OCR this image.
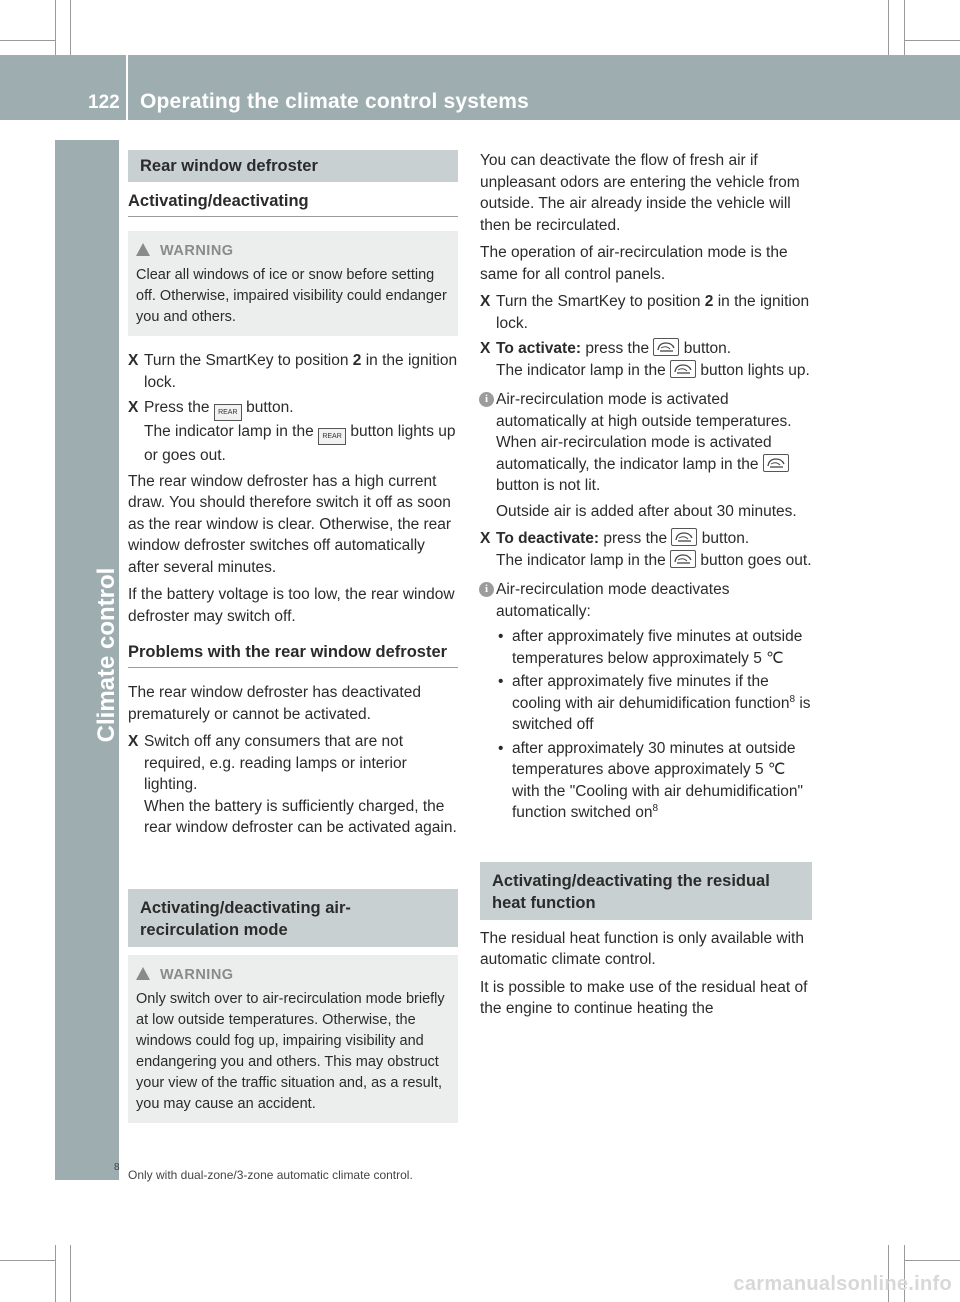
122 Operating the climate control systems
Climate control
Rear window defroster
Activating/deactivating
WARNING
Clear all windows of ice or snow before setting off. Otherwise, impaired visibility could endanger you and others.
X Turn the SmartKey to position 2 in the ignition lock.
X Press the REAR button.
The indicator lamp in the REAR button lights up or goes out.

The rear window defroster has a high current draw. You should therefore switch it off as soon as the rear window is clear. Otherwise, the rear window defroster switches off automatically after several minutes.

If the battery voltage is too low, the rear window defroster may switch off.

Problems with the rear window defroster

The rear window defroster has deactivated prematurely or cannot be activated.

X Switch off any consumers that are not required, e.g. reading lamps or interior lighting.
When the battery is sufficiently charged, the rear window defroster can be activated again.
Activating/deactivating air-recirculation mode
WARNING
Only switch over to air-recirculation mode briefly at low outside temperatures. Otherwise, the windows could fog up, impairing visibility and endangering you and others. This may obstruct your view of the traffic situation and, as a result, you may cause an accident.

You can deactivate the flow of fresh air if unpleasant odors are entering the vehicle from outside. The air already inside the vehicle will then be recirculated.

The operation of air-recirculation mode is the same for all control panels.

X Turn the SmartKey to position 2 in the ignition lock.
X To activate: press the button.
The indicator lamp in the button lights up.
i Air-recirculation mode is activated automatically at high outside temperatures. When air-recirculation mode is activated automatically, the indicator lamp in the
button is not lit.
Outside air is added after about 30 minutes.
X To deactivate: press the button.
The indicator lamp in the button goes out.
i Air-recirculation mode deactivates automatically:
• after approximately five minutes at outside temperatures below approximately 5 ℃
• after approximately five minutes if the cooling with air dehumidification function$^8$ is switched off
• after approximately 30 minutes at outside temperatures above approximately 5 ℃ with the "Cooling with air dehumidification" function switched $on^8$
Activating/deactivating the residual heat function

The residual heat function is only available with automatic climate control.

It is possible to make use of the residual heat of the engine to continue heating the

8
Only with dual-zone/3-zone automatic climate control.
carmanualsonline.info
